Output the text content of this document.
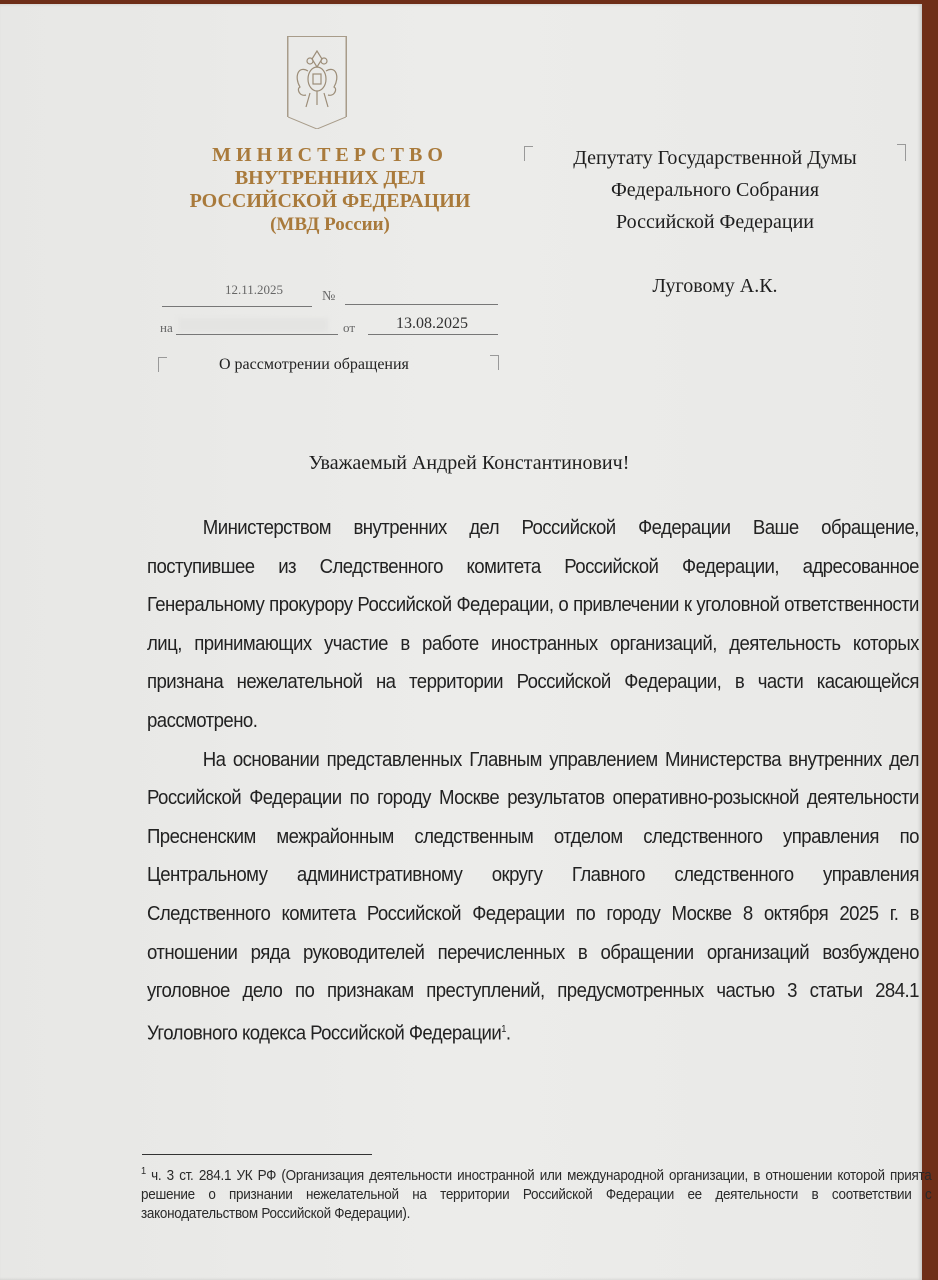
МИНИСТЕРСТВО
ВНУТРЕННИХ ДЕЛ
РОССИЙСКОЙ ФЕДЕРАЦИИ
(МВД России)
12.11.2025	№
на	от	13.08.2025
О рассмотрении обращения
Депутату Государственной Думы
Федерального Собрания
Российской Федерации
Луговому А.К.
Уважаемый Андрей Константинович!

Министерством внутренних дел Российской Федерации Ваше обращение, поступившее из Следственного комитета Российской Федерации, адресованное Генеральному прокурору Российской Федерации, о привлечении к уголовной ответственности лиц, принимающих участие в работе иностранных организаций, деятельность которых признана нежелательной на территории Российской Федерации, в части касающейся рассмотрено.

На основании представленных Главным управлением Министерства внутренних дел Российской Федерации по городу Москве результатов оперативно-розыскной деятельности Пресненским межрайонным следственным отделом следственного управления по Центральному административному округу Главного следственного управления Следственного комитета Российской Федерации по городу Москве 8 октября 2025 г. в отношении ряда руководителей перечисленных в обращении организаций возбуждено уголовное дело по признакам преступлений, предусмотренных частью 3 статьи 284.1 Уголовного кодекса Российской Федерации$^1$.

$^1$ ч. 3 ст. 284.1 УК РФ (Организация деятельности иностранной или международной организации, в отношении которой прията решение о признании нежелательной на территории Российской Федерации ее деятельности в соответствии с законодательством Российской Федерации).
